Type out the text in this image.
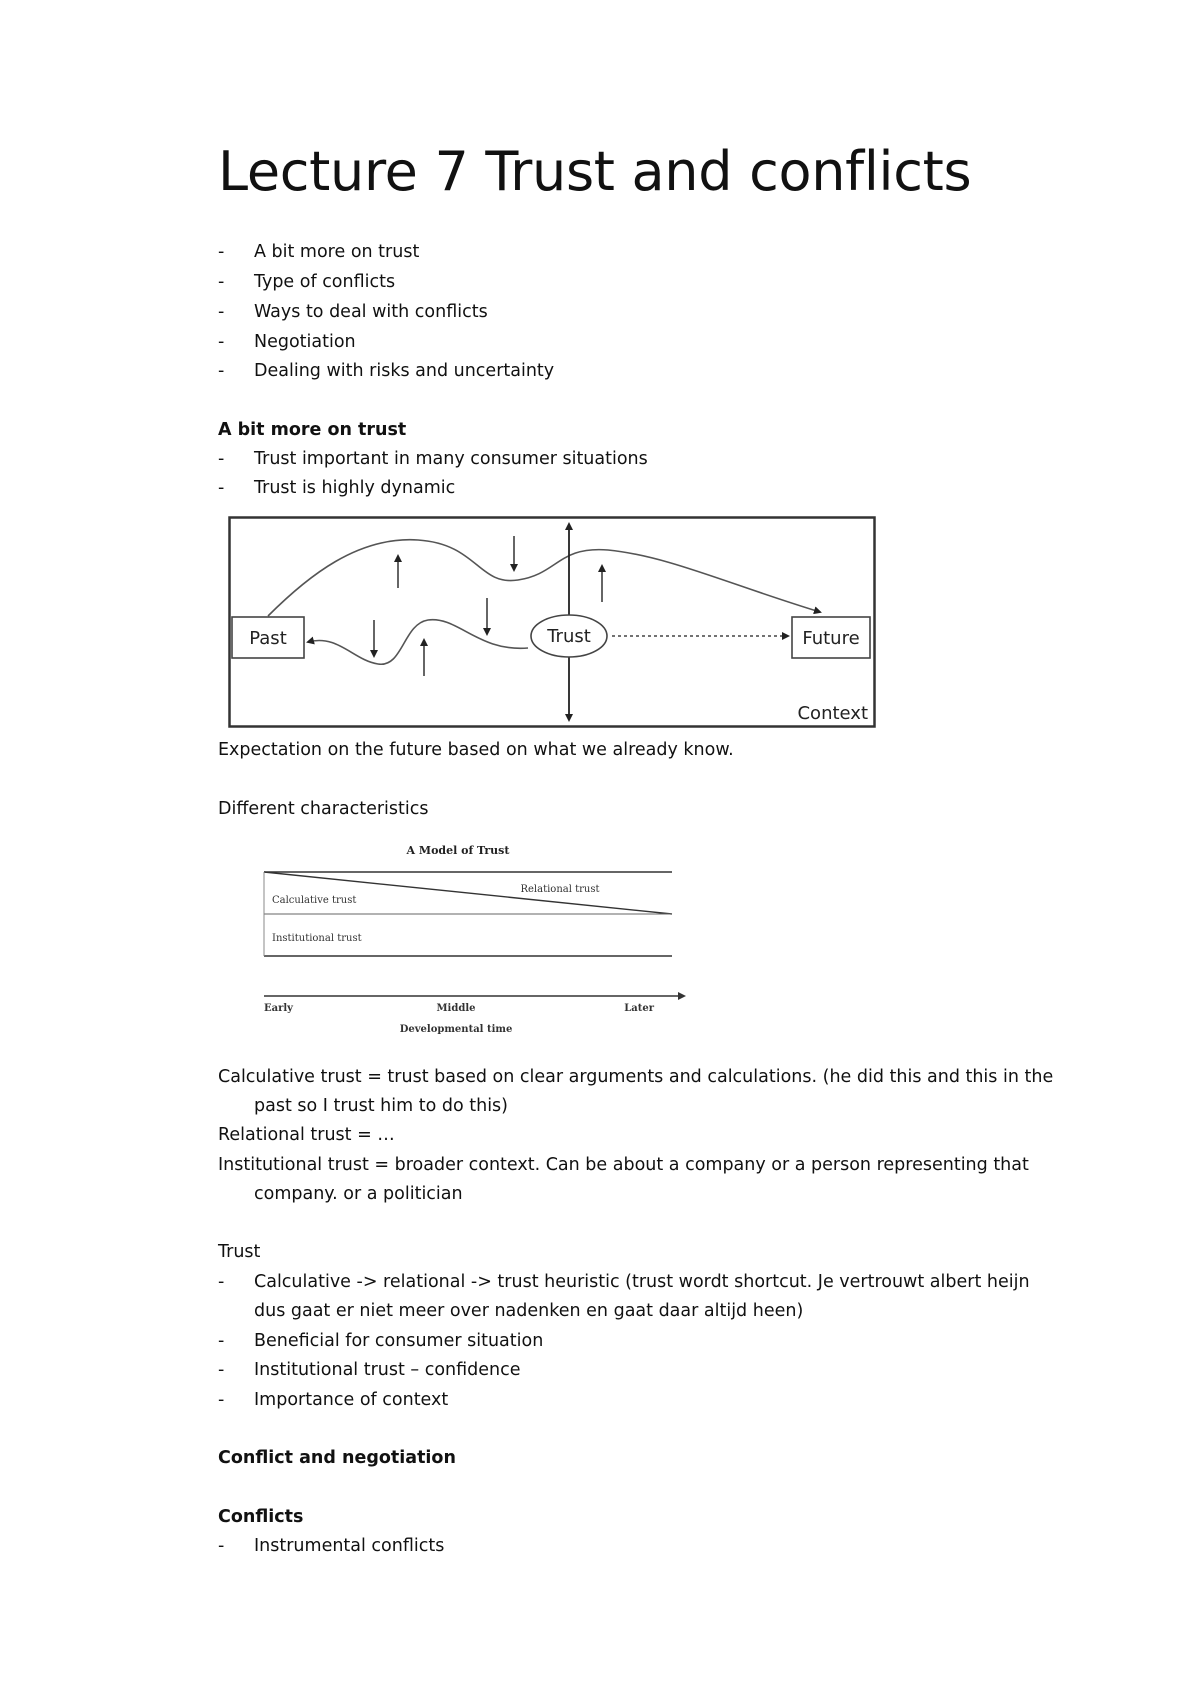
Lecture 7 Trust and conflicts
-	A bit more on trust
-	Type of conflicts
-	Ways to deal with conflicts
-	Negotiation
-	Dealing with risks and uncertainty
A bit more on trust
-	Trust important in many consumer situations
-	Trust is highly dynamic
Past	Trust	Future
Context
Expectation on the future based on what we already know.
Different characteristics
A Model of Trust
Relational trust
Calculative trust
Institutional trust
Early	Middle	Later
Developmental time
Calculative trust = trust based on clear arguments and calculations. (he did this and this in the
past so I trust him to do this)
Relational trust = …
Institutional trust = broader context. Can be about a company or a person representing that
company. or a politician
Trust
-	Calculative -> relational -> trust heuristic (trust wordt shortcut. Je vertrouwt albert heijn
dus gaat er niet meer over nadenken en gaat daar altijd heen)
-	Beneficial for consumer situation
-	Institutional trust – confidence
-	Importance of context
Conflict and negotiation
Conflicts
-	Instrumental conflicts
